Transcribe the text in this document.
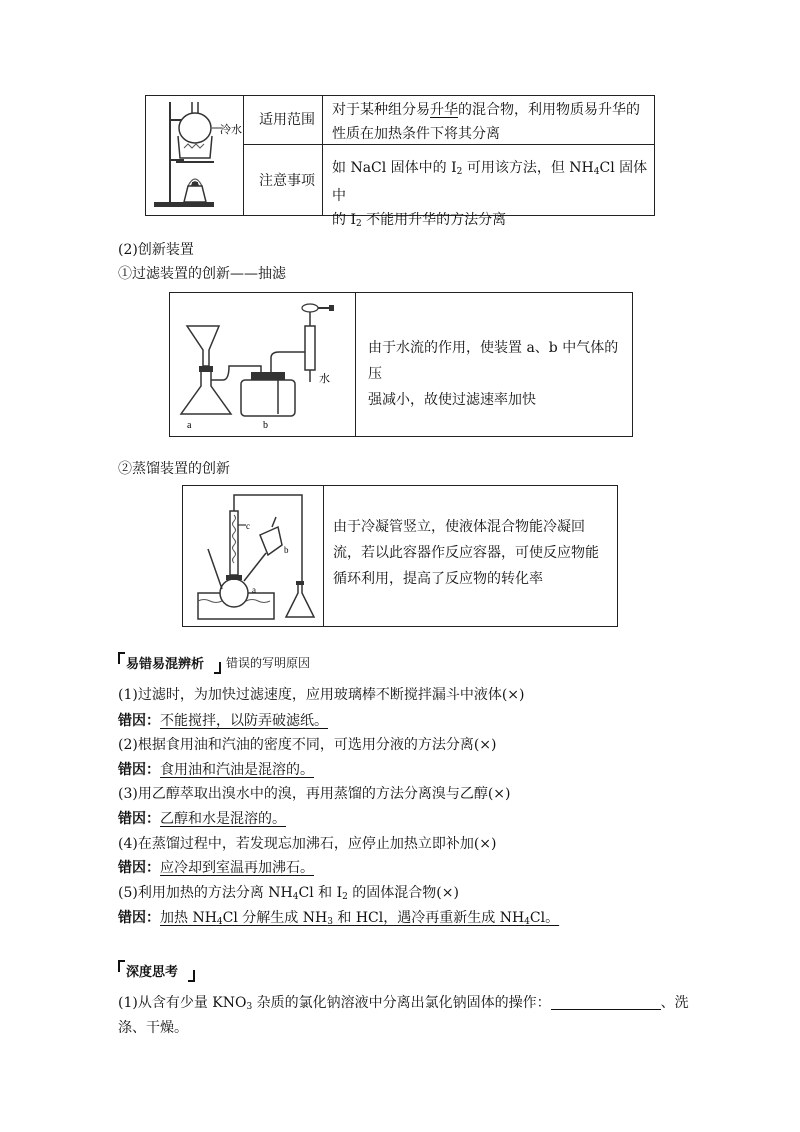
冷水
适用范围
对于某种组分易升华的混合物，利用物质易升华的
性质在加热条件下将其分离
注意事项
如 NaCl 固体中的 $I_2$ 可用该方法，但 $NH_4Cl$ 固体中
的 $I_2$ 不能用升华的方法分离
(2)创新装置
①过滤装置的创新——抽滤
a	b
水
由于水流的作用，使装置 a、b 中气体的压
强减小，故使过滤速率加快
②蒸馏装置的创新
c
b
a
由于冷凝管竖立，使液体混合物能冷凝回
流，若以此容器作反应容器，可使反应物能
循环利用，提高了反应物的转化率
易错易混辨析 错误的写明原因
(1)过滤时，为加快过滤速度，应用玻璃棒不断搅拌漏斗中液体(×)
错因：不能搅拌，以防弄破滤纸。
(2)根据食用油和汽油的密度不同，可选用分液的方法分离(×)
错因：食用油和汽油是混溶的。
(3)用乙醇萃取出溴水中的溴，再用蒸馏的方法分离溴与乙醇(×)
错因：乙醇和水是混溶的。
(4)在蒸馏过程中，若发现忘加沸石，应停止加热立即补加(×)
错因：应冷却到室温再加沸石。
(5)利用加热的方法分离 $NH_4Cl$ 和 $I_2$ 的固体混合物(×)
错因：加热 $NH_4Cl$ 分解生成 $NH_3$ 和 HCl，遇冷再重新生成 $NH_4Cl$。
深度思考
(1)从含有少量 $KNO_3$ 杂质的氯化钠溶液中分离出氯化钠固体的操作：	、洗
涤、干燥。
